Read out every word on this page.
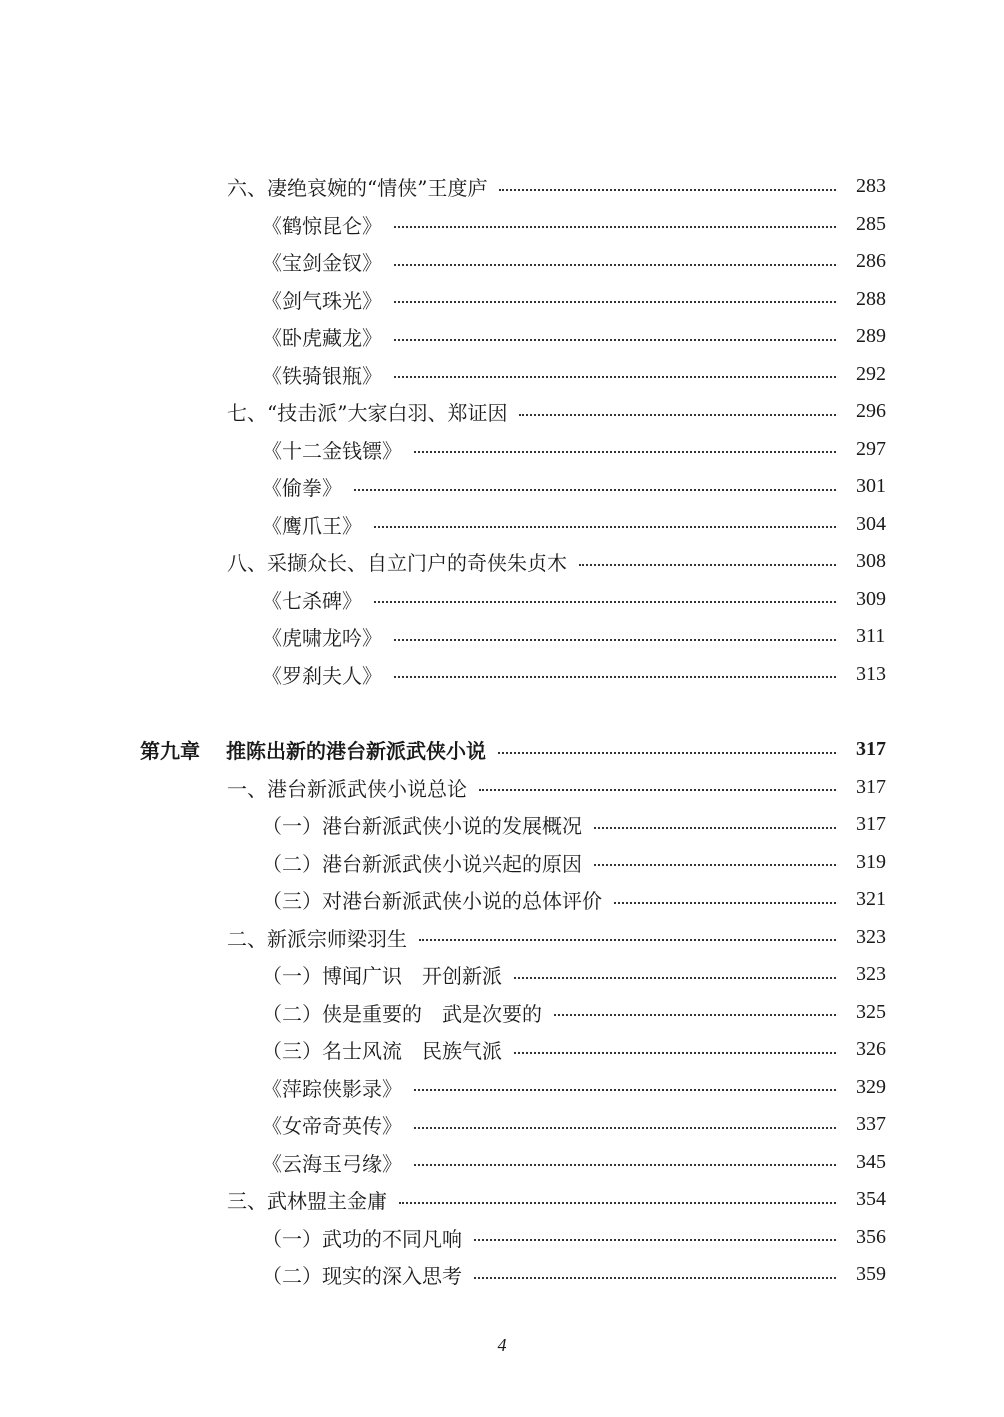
六、凄绝哀婉的“情侠”王度庐	283
《鹤惊昆仑》	285
《宝剑金钗》	286
《剑气珠光》	288
《卧虎藏龙》	289
《铁骑银瓶》	292
七、“技击派”大家白羽、郑证因	296
《十二金钱镖》	297
《偷拳》	301
《鹰爪王》	304
八、采撷众长、自立门户的奇侠朱贞木	308
《七杀碑》	309
《虎啸龙吟》	311
《罗刹夫人》	313
第九章 推陈出新的港台新派武侠小说	317
一、港台新派武侠小说总论	317
（一）港台新派武侠小说的发展概况	317
（二）港台新派武侠小说兴起的原因	319
（三）对港台新派武侠小说的总体评价	321
二、新派宗师梁羽生	323
（一）博闻广识　开创新派	323
（二）侠是重要的　武是次要的	325
（三）名士风流　民族气派	326
《萍踪侠影录》	329
《女帝奇英传》	337
《云海玉弓缘》	345
三、武林盟主金庸	354
（一）武功的不同凡响	356
（二）现实的深入思考	359
4
